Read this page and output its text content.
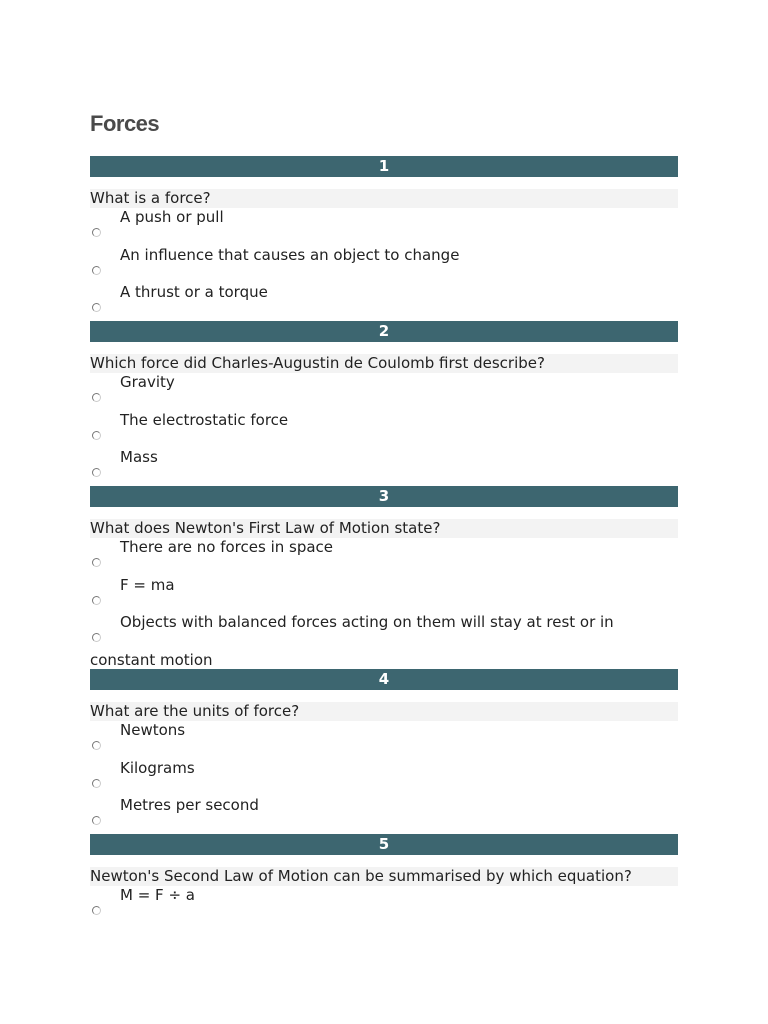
Forces
1
What is a force?
A push or pull
An influence that causes an object to change
A thrust or a torque
2
Which force did Charles-Augustin de Coulomb first describe?
Gravity
The electrostatic force
Mass
3
What does Newton's First Law of Motion state?
There are no forces in space
F = ma
Objects with balanced forces acting on them will stay at rest or in
constant motion
4
What are the units of force?
Newtons
Kilograms
Metres per second
5
Newton's Second Law of Motion can be summarised by which equation?
M = F ÷ a
